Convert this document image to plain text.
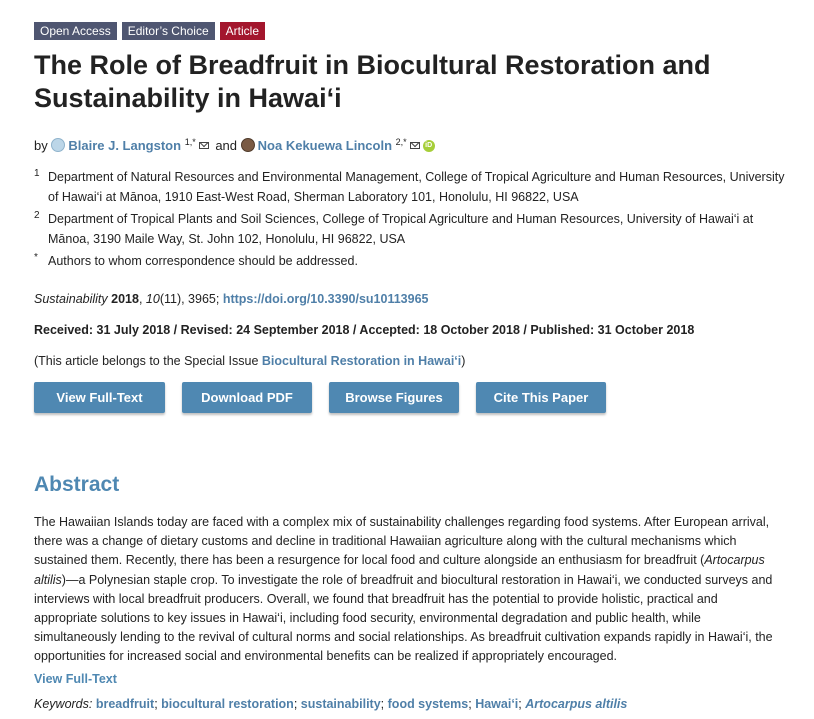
Open Access	Editor’s Choice	Article
The Role of Breadfruit in Biocultural Restoration and Sustainability in Hawai‘i
by Blaire J. Langston $^{1,*}$ and Noa Kekuewa Lincoln $^{2,*}$	iD
1 Department of Natural Resources and Environmental Management, College of Tropical Agriculture and Human Resources, University of Hawai‘i at Mānoa, 1910 East-West Road, Sherman Laboratory 101, Honolulu, HI 96822, USA
2 Department of Tropical Plants and Soil Sciences, College of Tropical Agriculture and Human Resources, University of Hawai‘i at Mānoa, 3190 Maile Way, St. John 102, Honolulu, HI 96822, USA
* Authors to whom correspondence should be addressed.
Sustainability 2018, 10(11), 3965; https://doi.org/10.3390/su10113965
Received: 31 July 2018 / Revised: 24 September 2018 / Accepted: 18 October 2018 / Published: 31 October 2018
(This article belongs to the Special Issue Biocultural Restoration in Hawai‘i)
View Full-Text	Download PDF	Browse Figures	Cite This Paper
Abstract

The Hawaiian Islands today are faced with a complex mix of sustainability challenges regarding food systems. After European arrival, there was a change of dietary customs and decline in traditional Hawaiian agriculture along with the cultural mechanisms which sustained them. Recently, there has been a resurgence for local food and culture alongside an enthusiasm for breadfruit (Artocarpus altilis)—a Polynesian staple crop. To investigate the role of breadfruit and biocultural restoration in Hawai‘i, we conducted surveys and interviews with local breadfruit producers. Overall, we found that breadfruit has the potential to provide holistic, practical and appropriate solutions to key issues in Hawai‘i, including food security, environmental degradation and public health, while simultaneously lending to the revival of cultural norms and social relationships. As breadfruit cultivation expands rapidly in Hawai‘i, the opportunities for increased social and environmental benefits can be realized if appropriately encouraged.

View Full-Text
Keywords: breadfruit; biocultural restoration; sustainability; food systems; Hawai‘i; Artocarpus altilis
